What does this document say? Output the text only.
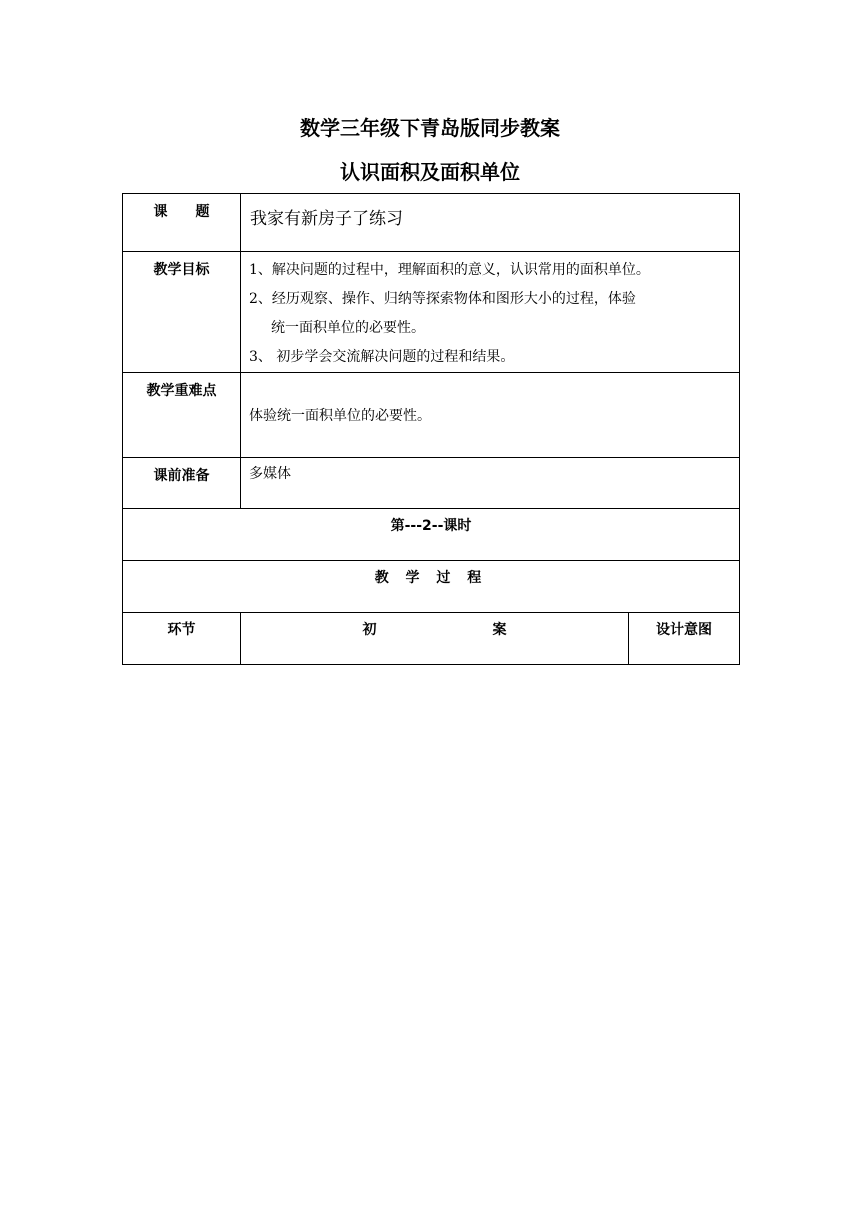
数学三年级下青岛版同步教案
认识面积及面积单位
课　　题	我家有新房子了练习	
教学目标	1、解决问题的过程中，理解面积的意义，认识常用的面积单位。

2、经历观察、操作、归纳等探索物体和图形大小的过程，体验

统一面积单位的必要性。

3、 初步学会交流解决问题的过程和结果。	

教学重难点	体验统一面积单位的必要性。	
课前准备	多媒体	
第---2--课时		
教 学 过 程		
环节	初 案	设计意图
